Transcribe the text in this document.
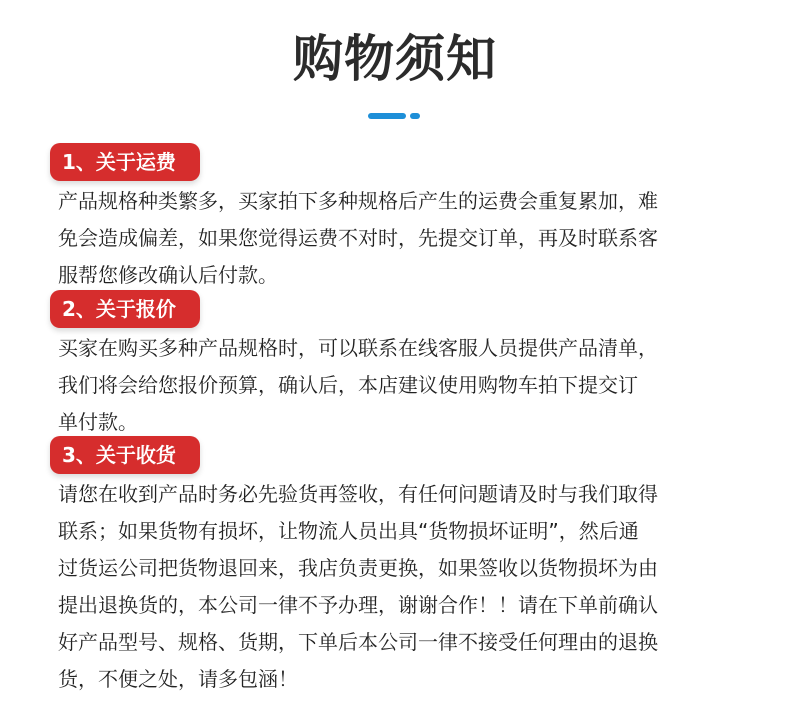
购物须知
1、关于运费
产品规格种类繁多，买家拍下多种规格后产生的运费会重复累加，难
免会造成偏差，如果您觉得运费不对时，先提交订单，再及时联系客
服帮您修改确认后付款。
2、关于报价
买家在购买多种产品规格时，可以联系在线客服人员提供产品清单，
我们将会给您报价预算，确认后，本店建议使用购物车拍下提交订
单付款。
3、关于收货
请您在收到产品时务必先验货再签收，有任何问题请及时与我们取得
联系；如果货物有损坏，让物流人员出具“货物损坏证明”，然后通
过货运公司把货物退回来，我店负责更换，如果签收以货物损坏为由
提出退换货的，本公司一律不予办理，谢谢合作！！请在下单前确认
好产品型号、规格、货期，下单后本公司一律不接受任何理由的退换
货，不便之处，请多包涵！
